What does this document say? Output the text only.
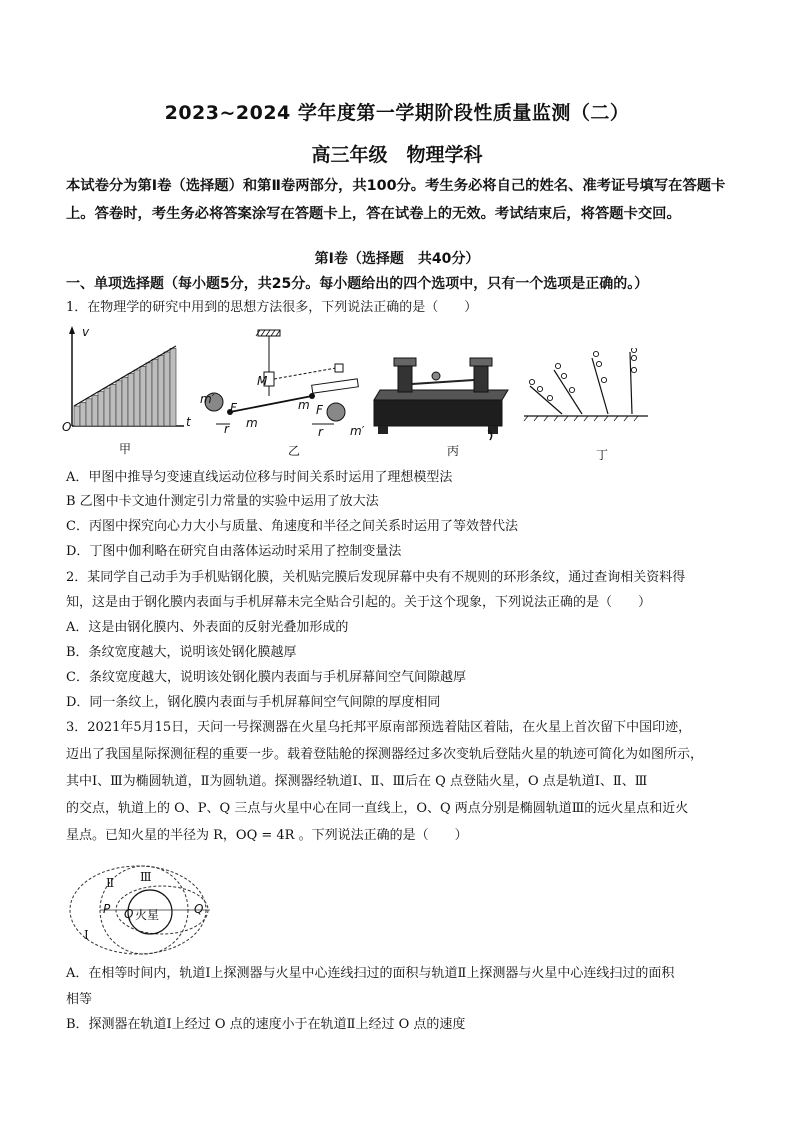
2023~2024 学年度第一学期阶段性质量监测（二）
高三年级　物理学科
本试卷分为第Ⅰ卷（选择题）和第Ⅱ卷两部分，共100分。考生务必将自己的姓名、准考证号填写在答题卡上。答卷时，考生务必将答案涂写在答题卡上，答在试卷上的无效。考试结束后，将答题卡交回。
第Ⅰ卷（选择题　共40分）
一、单项选择题（每小题5分，共25分。每小题给出的四个选项中，只有一个选项是正确的。）
1．在物理学的研究中用到的思想方法很多，下列说法正确的是（　　）
v
O	t
甲
m′
F
m
r
M
m F
r m′
乙	丙	丁
A．甲图中推导匀变速直线运动位移与时间关系时运用了理想模型法
B 乙图中卡文迪什测定引力常量的实验中运用了放大法
C．丙图中探究向心力大小与质量、角速度和半径之间关系时运用了等效替代法
D．丁图中伽利略在研究自由落体运动时采用了控制变量法
2．某同学自己动手为手机贴钢化膜，关机贴完膜后发现屏幕中央有不规则的环形条纹，通过查询相关资料得
知，这是由于钢化膜内表面与手机屏幕未完全贴合引起的。关于这个现象，下列说法正确的是（　　）
A．这是由钢化膜内、外表面的反射光叠加形成的
B．条纹宽度越大，说明该处钢化膜越厚
C．条纹宽度越大，说明该处钢化膜内表面与手机屏幕间空气间隙越厚
D．同一条纹上，钢化膜内表面与手机屏幕间空气间隙的厚度相同
3．2021年5月15日，天问一号探测器在火星乌托邦平原南部预选着陆区着陆，在火星上首次留下中国印迹，
迈出了我国星际探测征程的重要一步。载着登陆舱的探测器经过多次变轨后登陆火星的轨迹可简化为如图所示，
其中Ⅰ、Ⅲ为椭圆轨道，Ⅱ为圆轨道。探测器经轨道Ⅰ、Ⅱ、Ⅲ后在 Q 点登陆火星，O 点是轨道Ⅰ、Ⅱ、Ⅲ
的交点，轨道上的 O、P、Q 三点与火星中心在同一直线上，O、Q 两点分别是椭圆轨道Ⅲ的远火星点和近火
星点。已知火星的半径为 R，OQ = 4R 。下列说法正确的是（　　）
Ⅱ Ⅲ
P Q 火星	Q
Ⅰ
A．在相等时间内，轨道Ⅰ上探测器与火星中心连线扫过的面积与轨道Ⅱ上探测器与火星中心连线扫过的面积
相等
B．探测器在轨道Ⅰ上经过 O 点的速度小于在轨道Ⅱ上经过 O 点的速度
